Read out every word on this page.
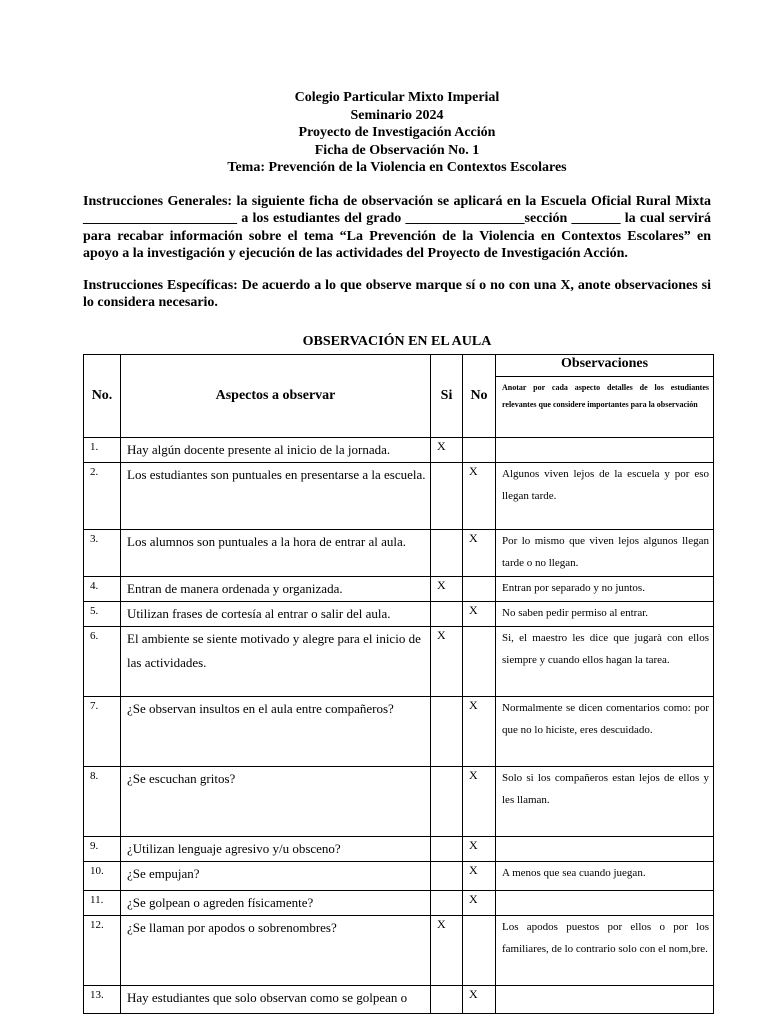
Colegio Particular Mixto Imperial
Seminario 2024
Proyecto de Investigación Acción
Ficha de Observación No. 1
Tema: Prevención de la Violencia en Contextos Escolares
Instrucciones Generales: la siguiente ficha de observación se aplicará en la Escuela Oficial Rural Mixta ______________________ a los estudiantes del grado _________________sección _______ la cual servirá para recabar información sobre el tema “La Prevención de la Violencia en Contextos Escolares” en apoyo a la investigación y ejecución de las actividades del Proyecto de Investigación Acción.
Instrucciones Específicas: De acuerdo a lo que observe marque sí o no con una X, anote observaciones si lo considera necesario.
OBSERVACIÓN EN EL AULA
No.	Aspectos a observar	Si	No	Observaciones
Anotar por cada aspecto detalles de los estudiantes relevantes que considere importantes para la observación

1.	Hay algún docente presente al inicio de la jornada.	X		
2.	Los estudiantes son puntuales en presentarse a la escuela.		X	Algunos viven lejos de la escuela y por eso llegan tarde.
3.	Los alumnos son puntuales a la hora de entrar al aula.		X	Por lo mismo que viven lejos algunos llegan tarde o no llegan.
4.	Entran de manera ordenada y organizada.	X		Entran por separado y no juntos.
5.	Utilizan frases de cortesía al entrar o salir del aula.		X	No saben pedir permiso al entrar.
6.	El ambiente se siente motivado y alegre para el inicio de las actividades.	X		Si, el maestro les dice que jugarà con ellos siempre y cuando ellos hagan la tarea.
7.	¿Se observan insultos en el aula entre compañeros?		X	Normalmente se dicen comentarios como: por que no lo hiciste, eres descuidado.
8.	¿Se escuchan gritos?		X	Solo si los compañeros estan lejos de ellos y les llaman.
9.	¿Utilizan lenguaje agresivo y/u obsceno?		X	
10.	¿Se empujan?		X	A menos que sea cuando juegan.
11.	¿Se golpean o agreden físicamente?		X	
12.	¿Se llaman por apodos o sobrenombres?	X		Los apodos puestos por ellos o por los familiares, de lo contrario solo con el nom,bre.
13.	Hay estudiantes que solo observan como se golpean o		X	
